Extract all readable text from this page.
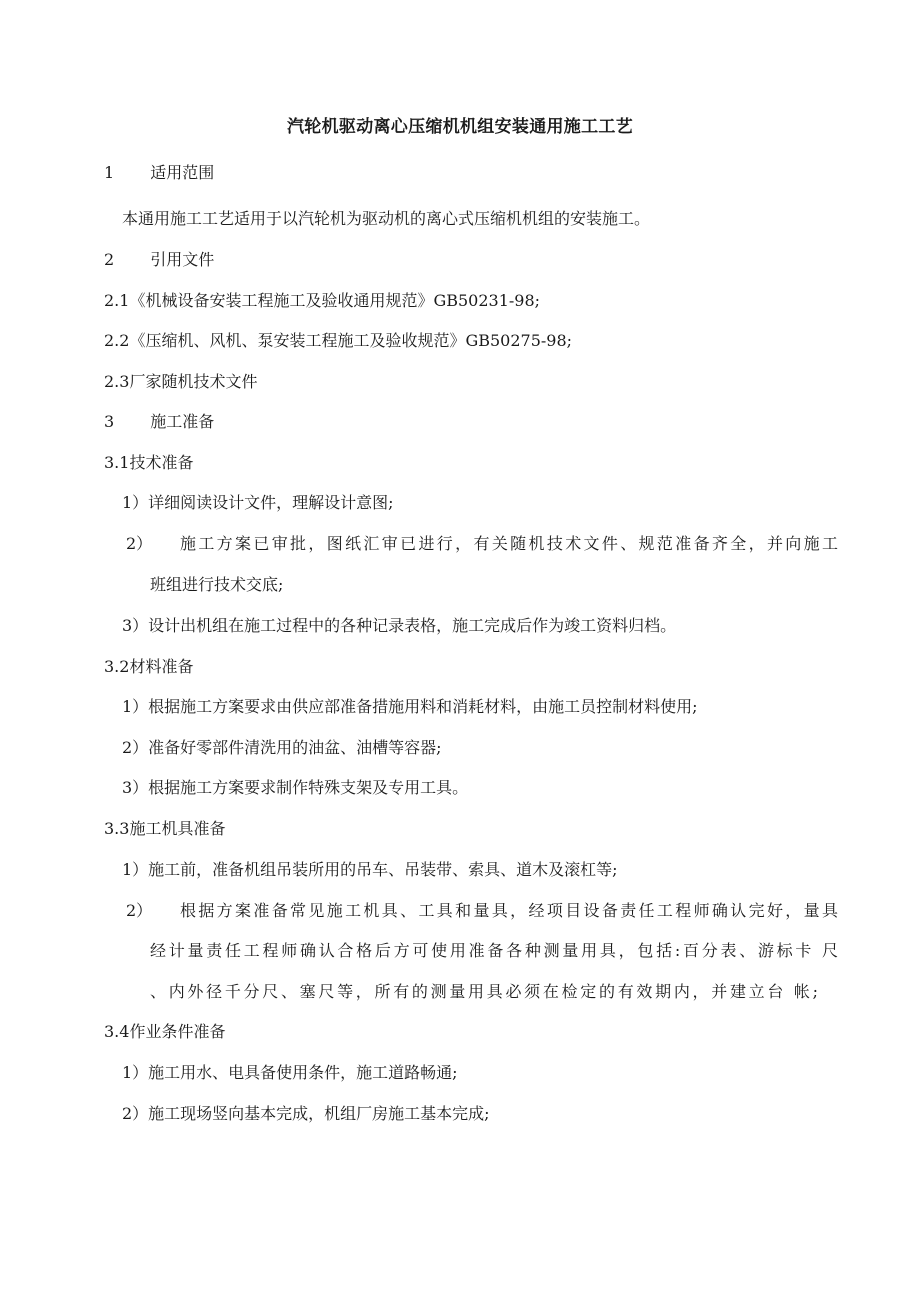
汽轮机驱动离心压缩机机组安装通用施工工艺
1 适用范围
本通用施工工艺适用于以汽轮机为驱动机的离心式压缩机机组的安装施工。
2 引用文件
2.1《机械设备安装工程施工及验收通用规范》GB50231-98;
2.2《压缩机、风机、泵安装工程施工及验收规范》GB50275-98;
2.3厂家随机技术文件
3 施工准备
3.1技术准备
1）详细阅读设计文件，理解设计意图;
2） 施工方案已审批，图纸汇审已进行，有关随机技术文件、规范准备齐全，并向施工
班组进行技术交底;
3）设计出机组在施工过程中的各种记录表格，施工完成后作为竣工资料归档。
3.2材料准备
1）根据施工方案要求由供应部准备措施用料和消耗材料，由施工员控制材料使用;
2）准备好零部件清洗用的油盆、油槽等容器;
3）根据施工方案要求制作特殊支架及专用工具。
3.3施工机具准备
1）施工前，准备机组吊装所用的吊车、吊装带、索具、道木及滚杠等;
2） 根据方案准备常见施工机具、工具和量具，经项目设备责任工程师确认完好，量具
经计量责任工程师确认合格后方可使用准备各种测量用具，包括:百分表、游标卡 尺
、内外径千分尺、塞尺等，所有的测量用具必须在检定的有效期内，并建立台 帐;
3.4作业条件准备
1）施工用水、电具备使用条件，施工道路畅通;
2）施工现场竖向基本完成，机组厂房施工基本完成;
